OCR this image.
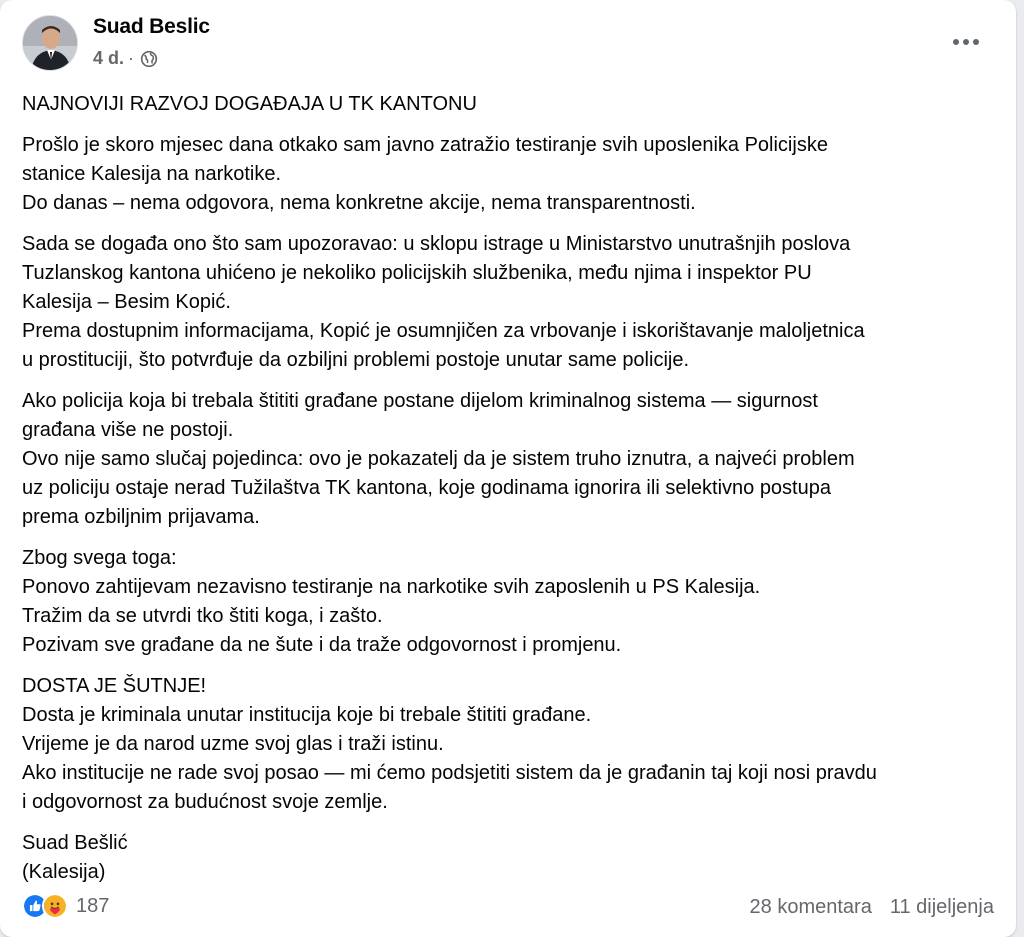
Suad Beslic
4 d. ·
NAJNOVIJI RAZVOJ DOGAĐAJA U TK KANTONU
Prošlo je skoro mjesec dana otkako sam javno zatražio testiranje svih uposlenika Policijske
stanice Kalesija na narkotike.
Do danas – nema odgovora, nema konkretne akcije, nema transparentnosti.
Sada se događa ono što sam upozoravao: u sklopu istrage u Ministarstvo unutrašnjih poslova
Tuzlanskog kantona uhićeno je nekoliko policijskih službenika, među njima i inspektor PU
Kalesija – Besim Kopić.
Prema dostupnim informacijama, Kopić je osumnjičen za vrbovanje i iskorištavanje maloljetnica
u prostituciji, što potvrđuje da ozbiljni problemi postoje unutar same policije.
Ako policija koja bi trebala štititi građane postane dijelom kriminalnog sistema — sigurnost
građana više ne postoji.
Ovo nije samo slučaj pojedinca: ovo je pokazatelj da je sistem truho iznutra, a najveći problem
uz policiju ostaje nerad Tužilaštva TK kantona, koje godinama ignorira ili selektivno postupa
prema ozbiljnim prijavama.
Zbog svega toga:
Ponovo zahtijevam nezavisno testiranje na narkotike svih zaposlenih u PS Kalesija.
Tražim da se utvrdi tko štiti koga, i zašto.
Pozivam sve građane da ne šute i da traže odgovornost i promjenu.
DOSTA JE ŠUTNJE!
Dosta je kriminala unutar institucija koje bi trebale štititi građane.
Vrijeme je da narod uzme svoj glas i traži istinu.
Ako institucije ne rade svoj posao — mi ćemo podsjetiti sistem da je građanin taj koji nosi pravdu
i odgovornost za budućnost svoje zemlje.
Suad Bešlić
(Kalesija)
187	28 komentara 11 dijeljenja
